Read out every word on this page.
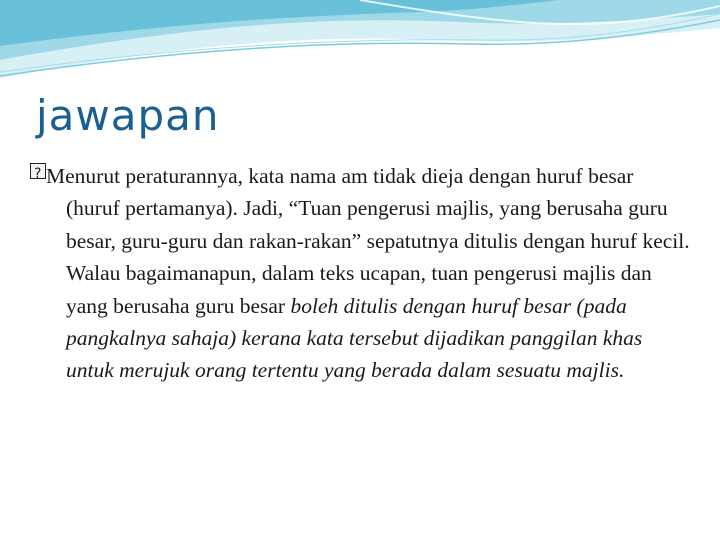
jawapan
?

Menurut peraturannya, kata nama am tidak dieja dengan huruf besar (huruf pertamanya). Jadi, “Tuan pengerusi majlis, yang berusaha guru besar, guru-guru dan rakan-rakan” sepatutnya ditulis dengan huruf kecil. Walau bagaimanapun, dalam teks ucapan, tuan pengerusi majlis dan yang berusaha guru besar boleh ditulis dengan huruf besar (pada pangkalnya sahaja) kerana kata tersebut dijadikan panggilan khas untuk merujuk orang tertentu yang berada dalam sesuatu majlis.
